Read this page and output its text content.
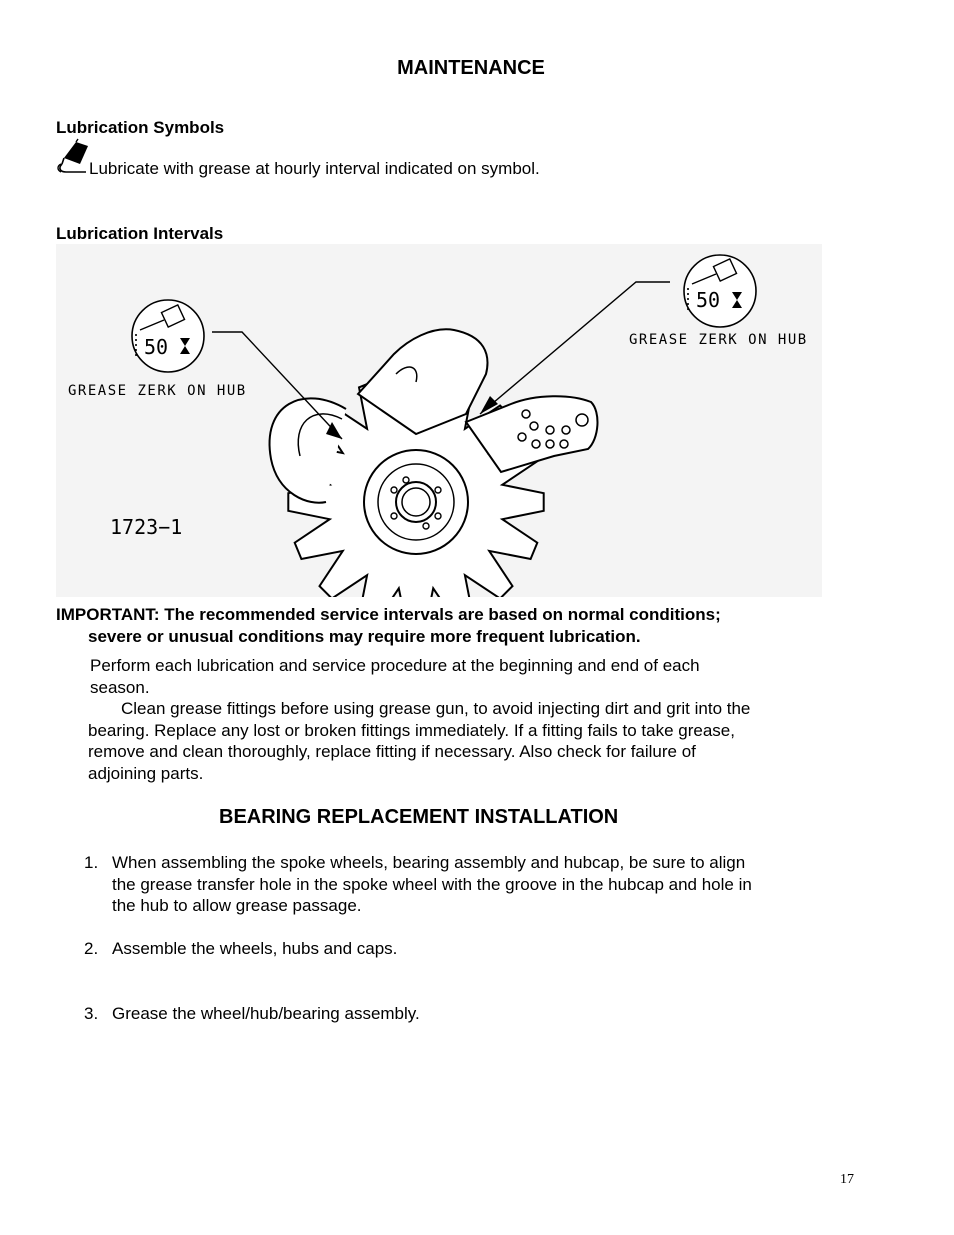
MAINTENANCE
Lubrication Symbols
Lubricate with grease at hourly interval indicated on symbol.
Lubrication Intervals
50
GREASE ZERK ON HUB
50
GREASE ZERK ON HUB
1723−1
IMPORTANT: The recommended service intervals are based on normal conditions;
severe or unusual conditions may require more frequent lubrication.
Perform each lubrication and service procedure at the beginning and end of each
season.
Clean grease fittings before using grease gun, to avoid injecting dirt and grit into the
bearing. Replace any lost or broken fittings immediately. If a fitting fails to take grease,
remove and clean thoroughly, replace fitting if necessary. Also check for failure of
adjoining parts.
BEARING REPLACEMENT INSTALLATION
1. When assembling the spoke wheels, bearing assembly and hubcap, be sure to align
the grease transfer hole in the spoke wheel with the groove in the hubcap and hole in
the hub to allow grease passage.
2. Assemble the wheels, hubs and caps.
3. Grease the wheel/hub/bearing assembly.
17
